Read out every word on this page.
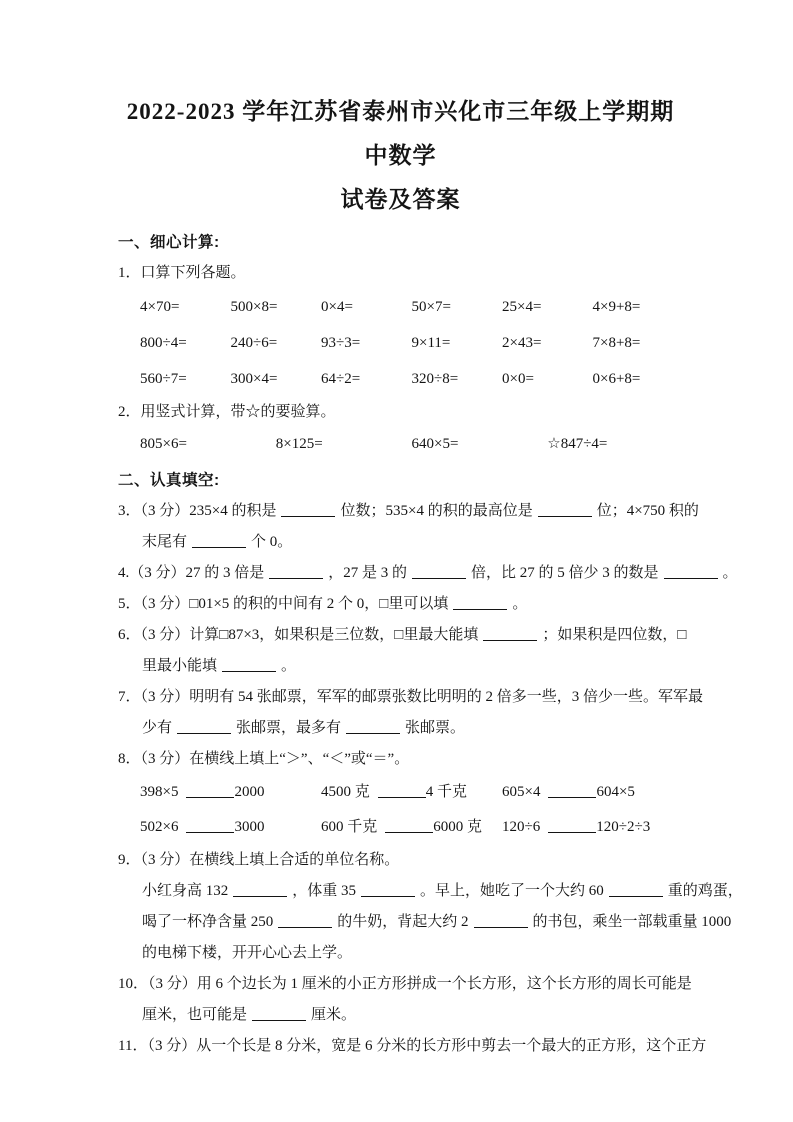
2022-2023 学年江苏省泰州市兴化市三年级上学期期中数学
试卷及答案
一、细心计算:
1．口算下列各题。
4×70=	500×8=	0×4=	50×7=	25×4=	4×9+8=
800÷4=	240÷6=	93÷3=	9×11=	2×43=	7×8+8=
560÷7=	300×4=	64÷2=	320÷8=	0×0=	0×6+8=
2．用竖式计算，带☆的要验算。
805×6=	8×125=	640×5=	☆847÷4=
二、认真填空:
3．（3 分）235×4 的积是	位数；535×4 的积的最高位是	位；4×750 积的
末尾有	个 0。
4.（3 分）27 的 3 倍是	，27 是 3 的	倍，比 27 的 5 倍少 3 的数是	。
5．（3 分）□01×5 的积的中间有 2 个 0，□里可以填	。
6．（3 分）计算□87×3，如果积是三位数，□里最大能填	；如果积是四位数，□
里最小能填	。
7．（3 分）明明有 54 张邮票，军军的邮票张数比明明的 2 倍多一些，3 倍少一些。军军最
少有	张邮票，最多有	张邮票。
8．（3 分）在横线上填上“＞”、“＜”或“＝”。
398×5	2000	4500 克	4 千克	605×4	604×5
502×6	3000	600 千克	6000 克	120÷6	120÷2÷3
9．（3 分）在横线上填上合适的单位名称。
小红身高 132	，体重 35	。早上，她吃了一个大约 60	重的鸡蛋，
喝了一杯净含量 250	的牛奶，背起大约 2	的书包，乘坐一部载重量 1000
的电梯下楼，开开心心去上学。
10．（3 分）用 6 个边长为 1 厘米的小正方形拼成一个长方形，这个长方形的周长可能是
厘米，也可能是	厘米。
11．（3 分）从一个长是 8 分米，宽是 6 分米的长方形中剪去一个最大的正方形，这个正方
